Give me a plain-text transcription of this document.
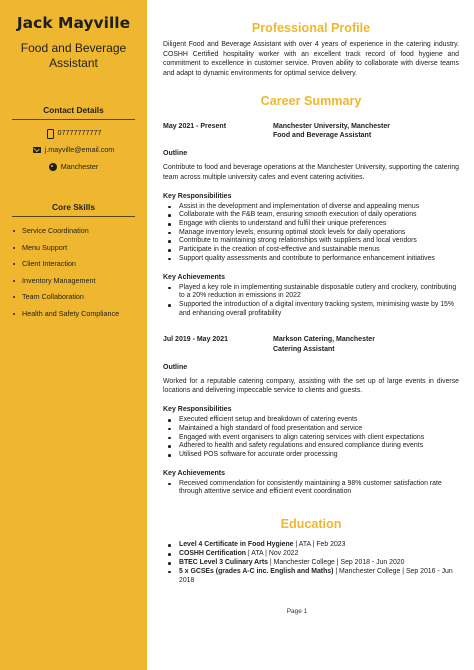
Jack Mayville
Food and Beverage Assistant
Contact Details
07777777777
j.mayville@email.com
Manchester
Core Skills
Service Coordination
Menu Support
Client Interaction
Inventory Management
Team Collaboration
Health and Safety Compliance
Professional Profile

Diligent Food and Beverage Assistant with over 4 years of experience in the catering industry. COSHH Certified hospitality worker with an excellent track record of food hygiene and commitment to excellence in customer service. Proven ability to collaborate with diverse teams and adapt to dynamic environments for optimal service delivery.

Career Summary
May 2021 - Present	Manchester University, Manchester
Food and Beverage Assistant
Outline

Contribute to food and beverage operations at the Manchester University, supporting the catering team across multiple university cafes and event catering activities.

Key Responsibilities
Assist in the development and implementation of diverse and appealing menus
Collaborate with the F&B team, ensuring smooth execution of daily operations
Engage with clients to understand and fulfil their unique preferences
Manage inventory levels, ensuring optimal stock levels for daily operations
Contribute to maintaining strong relationships with suppliers and local vendors
Participate in the creation of cost-effective and sustainable menus
Support quality assessments and contribute to performance enhancement initiatives
Key Achievements
Played a key role in implementing sustainable disposable cutlery and crockery, contributing to a 20% reduction in emissions in 2022
Supported the introduction of a digital inventory tracking system, minimising waste by 15% and enhancing overall profitability
Jul 2019 - May 2021	Markson Catering, Manchester
Catering Assistant
Outline

Worked for a reputable catering company, assisting with the set up of large events in diverse locations and delivering impeccable service to clients and guests.

Key Responsibilities
Executed efficient setup and breakdown of catering events
Maintained a high standard of food presentation and service
Engaged with event organisers to align catering services with client expectations
Adhered to health and safety regulations and ensured compliance during events
Utilised POS software for accurate order processing
Key Achievements
Received commendation for consistently maintaining a 98% customer satisfaction rate through attentive service and efficient event coordination
Education
Level 4 Certificate in Food Hygiene | ATA | Feb 2023
COSHH Certification | ATA | Nov 2022
BTEC Level 3 Culinary Arts | Manchester College | Sep 2018 - Jun 2020
5 x GCSEs (grades A-C inc. English and Maths) | Manchester College | Sep 2016 - Jun 2018
Page 1
